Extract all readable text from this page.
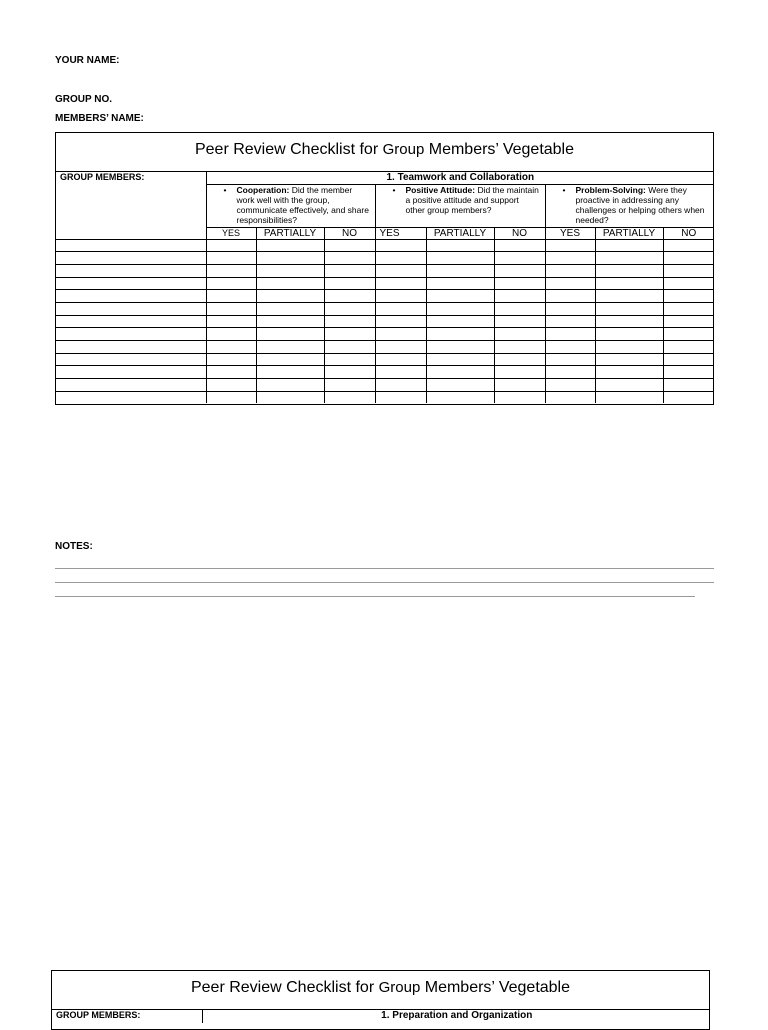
YOUR NAME:
GROUP NO.
MEMBERS’ NAME:
Peer Review Checklist for Group Members’ Vegetable
GROUP MEMBERS:	1. Teamwork and Collaboration								

	• Cooperation: Did the member work well with the group, communicate effectively, and share responsibilities?			• Positive Attitude: Did the maintain a positive attitude and support other group members?			• Problem-Solving: Were they proactive in addressing any challenges or helping others when needed?		

	YES	PARTIALLY	NO	YES	PARTIALLY	NO	YES	PARTIALLY	NO

NOTES:
Peer Review Checklist for Group Members’ Vegetable
GROUP MEMBERS:	1. Preparation and Organization
